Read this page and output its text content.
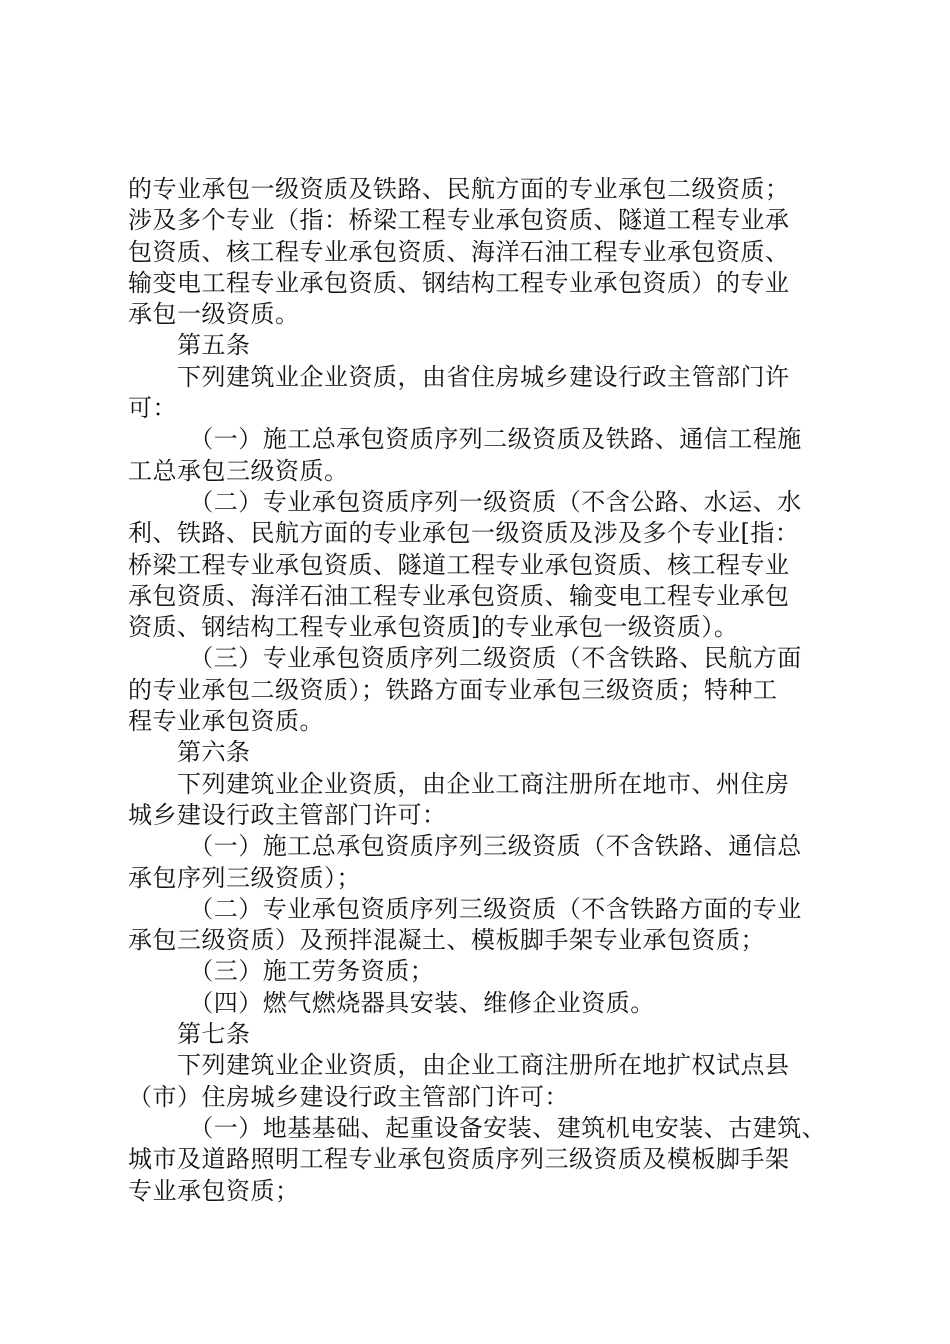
的专业承包一级资质及铁路、民航方面的专业承包二级资质；
涉及多个专业（指：桥梁工程专业承包资质、隧道工程专业承
包资质、核工程专业承包资质、海洋石油工程专业承包资质、
输变电工程专业承包资质、钢结构工程专业承包资质）的专业
承包一级资质。
第五条
下列建筑业企业资质，由省住房城乡建设行政主管部门许
可：
（一）施工总承包资质序列二级资质及铁路、通信工程施
工总承包三级资质。
（二）专业承包资质序列一级资质（不含公路、水运、水
利、铁路、民航方面的专业承包一级资质及涉及多个专业[指：
桥梁工程专业承包资质、隧道工程专业承包资质、核工程专业
承包资质、海洋石油工程专业承包资质、输变电工程专业承包
资质、钢结构工程专业承包资质]的专业承包一级资质）。
（三）专业承包资质序列二级资质（不含铁路、民航方面
的专业承包二级资质）；铁路方面专业承包三级资质；特种工
程专业承包资质。
第六条
下列建筑业企业资质，由企业工商注册所在地市、州住房
城乡建设行政主管部门许可：
（一）施工总承包资质序列三级资质（不含铁路、通信总
承包序列三级资质）；
（二）专业承包资质序列三级资质（不含铁路方面的专业
承包三级资质）及预拌混凝土、模板脚手架专业承包资质；
（三）施工劳务资质；
（四）燃气燃烧器具安装、维修企业资质。
第七条
下列建筑业企业资质，由企业工商注册所在地扩权试点县
（市）住房城乡建设行政主管部门许可：
（一）地基基础、起重设备安装、建筑机电安装、古建筑、
城市及道路照明工程专业承包资质序列三级资质及模板脚手架
专业承包资质；
